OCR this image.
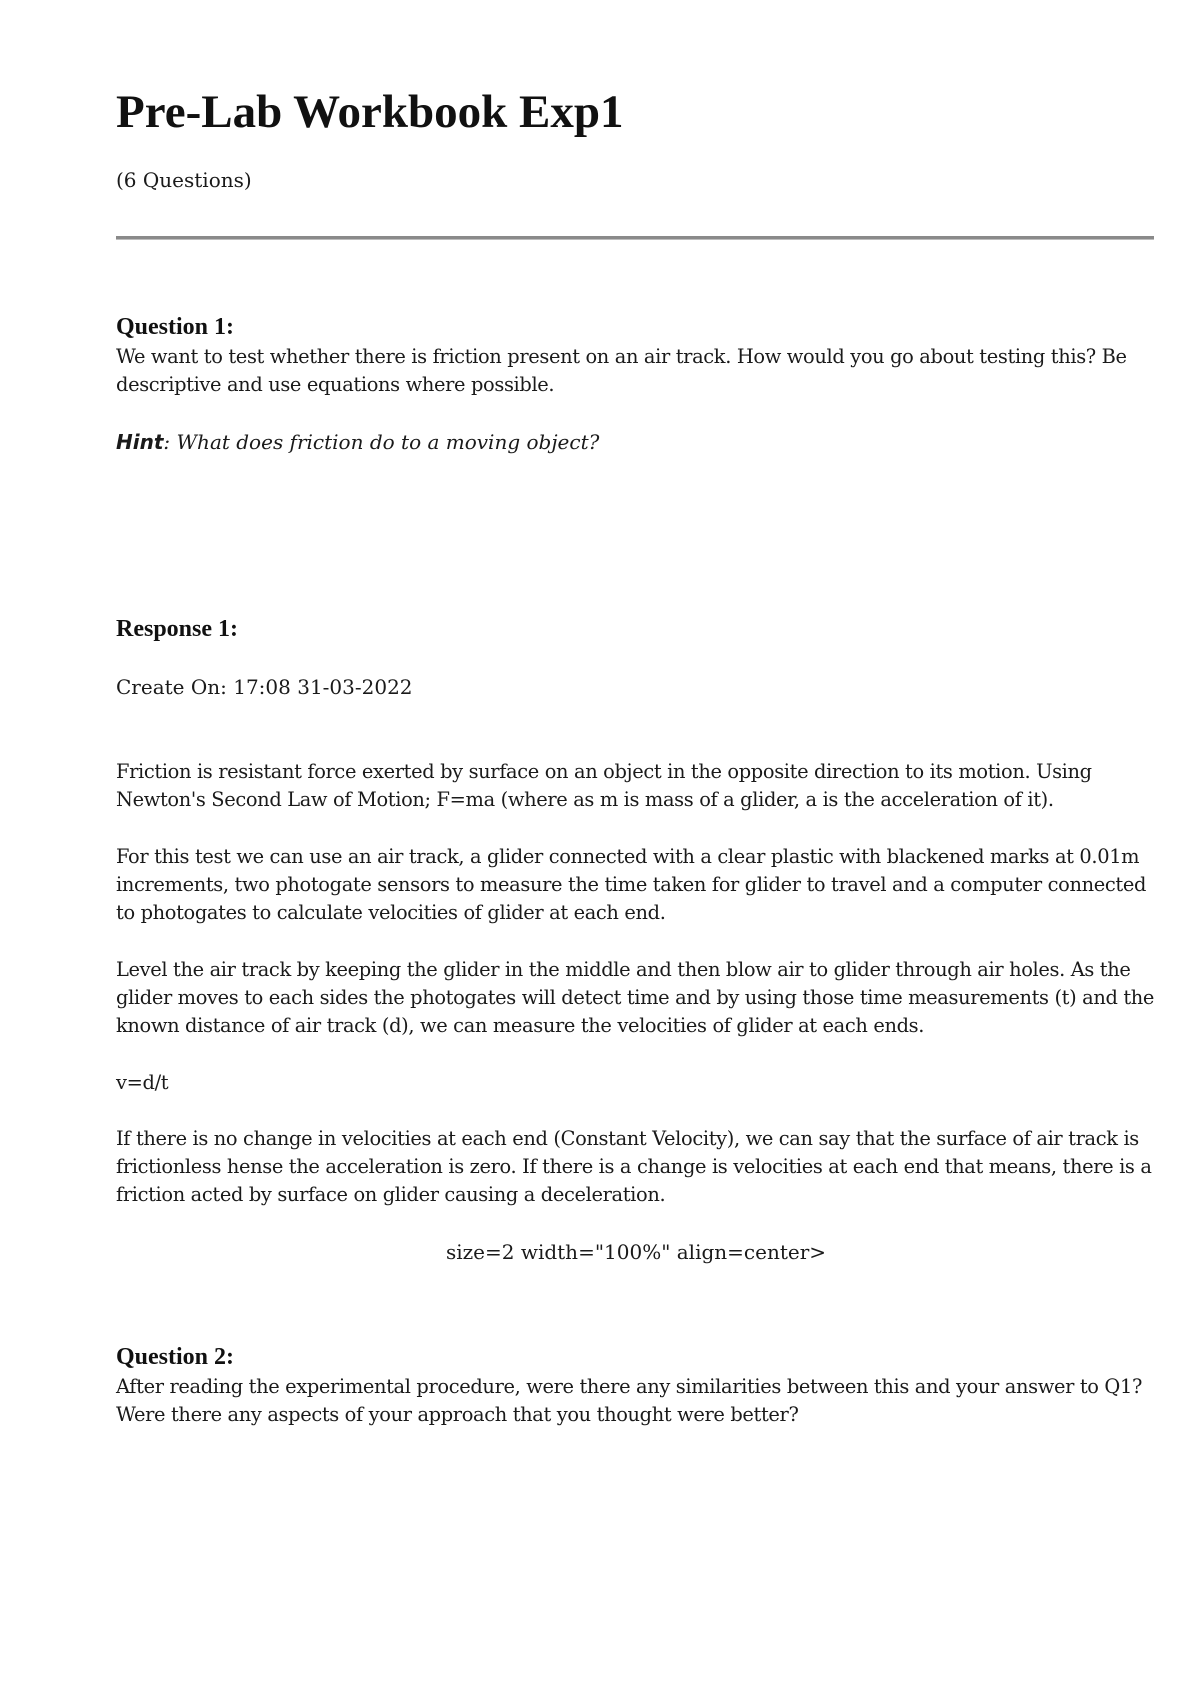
Pre-Lab Workbook Exp1
(6 Questions)
Question 1:

We want to test whether there is friction present on an air track. How would you go about testing this? Be descriptive and use equations where possible.

Hint: What does friction do to a moving object?
Response 1:
Create On: 17:08 31-03-2022

Friction is resistant force exerted by surface on an object in the opposite direction to its motion. Using Newton's Second Law of Motion; F=ma (where as m is mass of a glider, a is the acceleration of it).

For this test we can use an air track, a glider connected with a clear plastic with blackened marks at 0.01m increments, two photogate sensors to measure the time taken for glider to travel and a computer connected to photogates to calculate velocities of glider at each end.

Level the air track by keeping the glider in the middle and then blow air to glider through air holes. As the glider moves to each sides the photogates will detect time and by using those time measurements (t) and the known distance of air track (d), we can measure the velocities of glider at each ends.

v=d/t

If there is no change in velocities at each end (Constant Velocity), we can say that the surface of air track is frictionless hense the acceleration is zero. If there is a change is velocities at each end that means, there is a friction acted by surface on glider causing a deceleration.

size=2 width="100%" align=center>
Question 2:

After reading the experimental procedure, were there any similarities between this and your answer to Q1? Were there any aspects of your approach that you thought were better?
